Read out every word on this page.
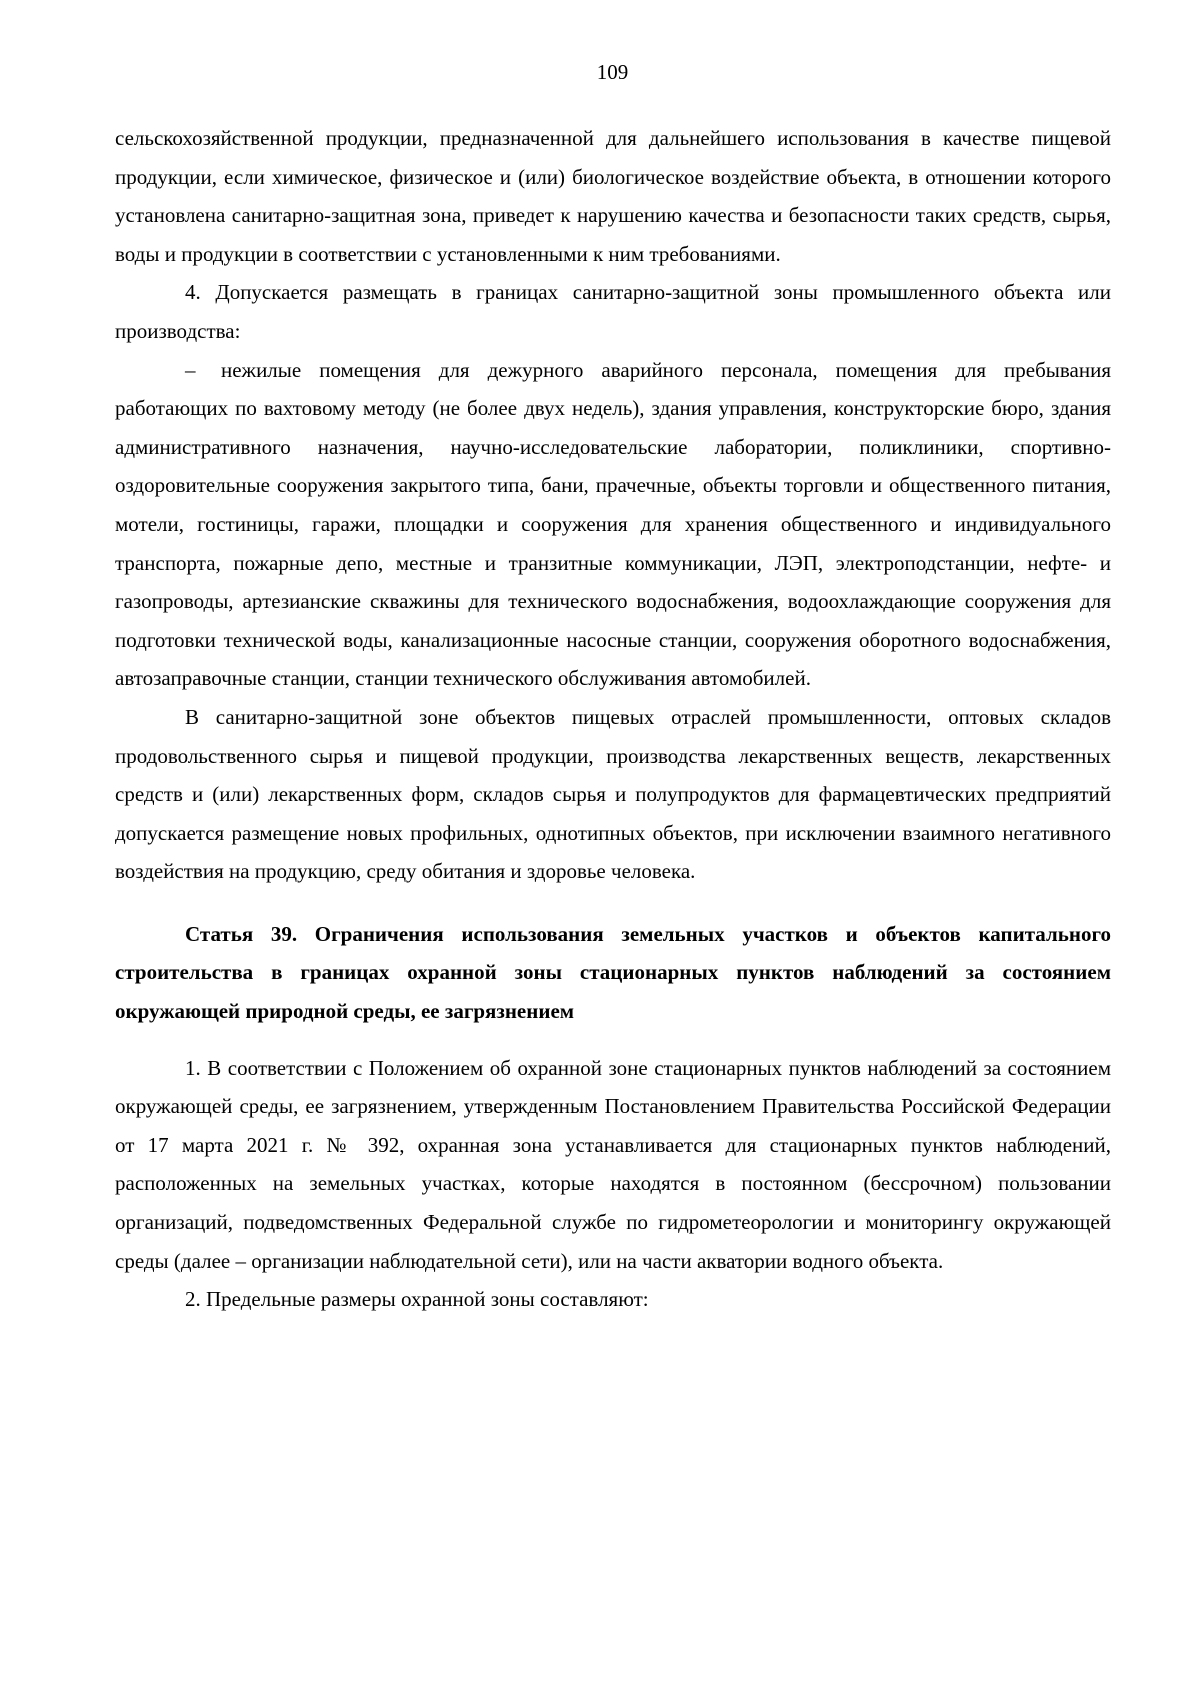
109

сельскохозяйственной продукции, предназначенной для дальнейшего использования в качестве пищевой продукции, если химическое, физическое и (или) биологическое воздействие объекта, в отношении которого установлена санитарно-защитная зона, приведет к нарушению качества и безопасности таких средств, сырья, воды и продукции в соответствии с установленными к ним требованиями.

4. Допускается размещать в границах санитарно-защитной зоны промышленного объекта или производства:

– нежилые помещения для дежурного аварийного персонала, помещения для пребывания работающих по вахтовому методу (не более двух недель), здания управления, конструкторские бюро, здания административного назначения, научно-исследовательские лаборатории, поликлиники, спортивно-оздоровительные сооружения закрытого типа, бани, прачечные, объекты торговли и общественного питания, мотели, гостиницы, гаражи, площадки и сооружения для хранения общественного и индивидуального транспорта, пожарные депо, местные и транзитные коммуникации, ЛЭП, электроподстанции, нефте- и газопроводы, артезианские скважины для технического водоснабжения, водоохлаждающие сооружения для подготовки технической воды, канализационные насосные станции, сооружения оборотного водоснабжения, автозаправочные станции, станции технического обслуживания автомобилей.

В санитарно-защитной зоне объектов пищевых отраслей промышленности, оптовых складов продовольственного сырья и пищевой продукции, производства лекарственных веществ, лекарственных средств и (или) лекарственных форм, складов сырья и полупродуктов для фармацевтических предприятий допускается размещение новых профильных, однотипных объектов, при исключении взаимного негативного воздействия на продукцию, среду обитания и здоровье человека.

Статья 39. Ограничения использования земельных участков и объектов капитального строительства в границах охранной зоны стационарных пунктов наблюдений за состоянием окружающей природной среды, ее загрязнением

1. В соответствии с Положением об охранной зоне стационарных пунктов наблюдений за состоянием окружающей среды, ее загрязнением, утвержденным Постановлением Правительства Российской Федерации от 17 марта 2021 г. № 392, охранная зона устанавливается для стационарных пунктов наблюдений, расположенных на земельных участках, которые находятся в постоянном (бессрочном) пользовании организаций, подведомственных Федеральной службе по гидрометеорологии и мониторингу окружающей среды (далее – организации наблюдательной сети), или на части акватории водного объекта.

2. Предельные размеры охранной зоны составляют:
